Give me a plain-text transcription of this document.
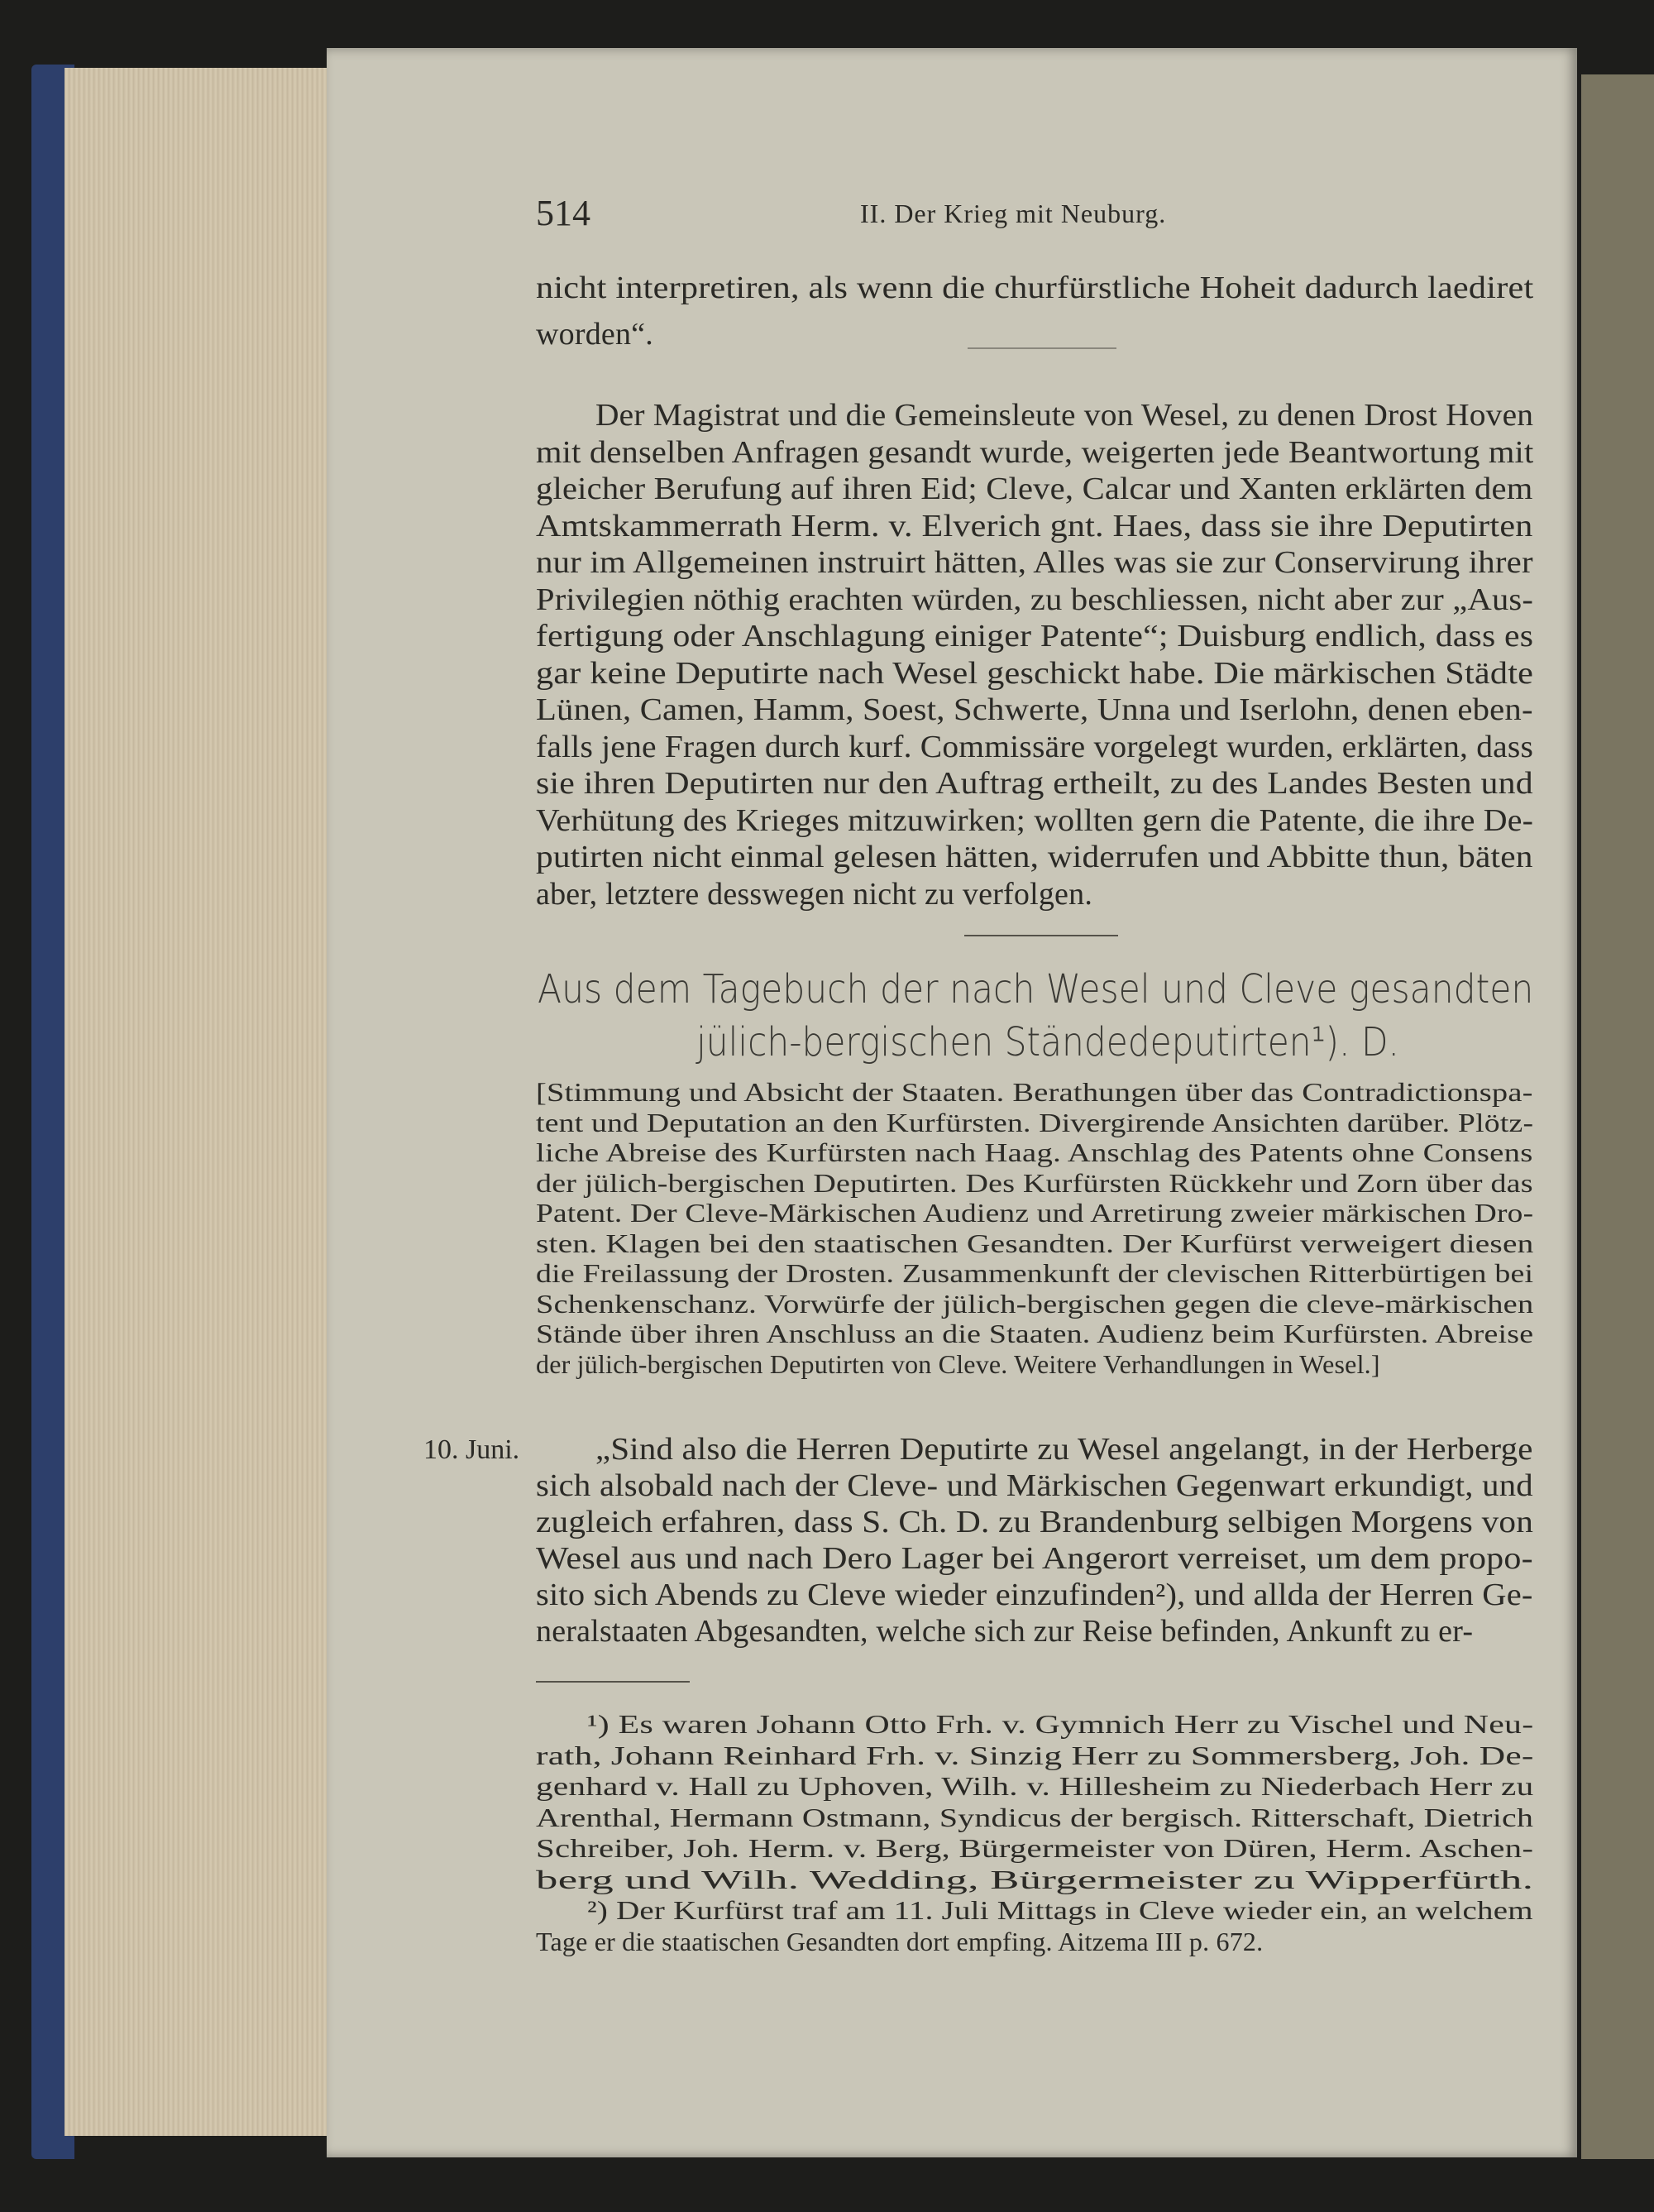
514	II. Der Krieg mit Neuburg.
Aus dem Tagebuch der nach Wesel und Cleve gesandten
jülich-bergischen Ständedeputirten¹). D.
10. Juni.
nicht interpretiren, als wenn die churfürstliche Hoheit dadurch laediret
worden“.
Der Magistrat und die Gemeinsleute von Wesel, zu denen Drost Hoven
mit denselben Anfragen gesandt wurde, weigerten jede Beantwortung mit
gleicher Berufung auf ihren Eid; Cleve, Calcar und Xanten erklärten dem
Amtskammerrath Herm. v. Elverich gnt. Haes, dass sie ihre Deputirten
nur im Allgemeinen instruirt hätten, Alles was sie zur Conservirung ihrer
Privilegien nöthig erachten würden, zu beschliessen, nicht aber zur „Aus-
fertigung oder Anschlagung einiger Patente“; Duisburg endlich, dass es
gar keine Deputirte nach Wesel geschickt habe. Die märkischen Städte
Lünen, Camen, Hamm, Soest, Schwerte, Unna und Iserlohn, denen eben-
falls jene Fragen durch kurf. Commissäre vorgelegt wurden, erklärten, dass
sie ihren Deputirten nur den Auftrag ertheilt, zu des Landes Besten und
Verhütung des Krieges mitzuwirken; wollten gern die Patente, die ihre De-
putirten nicht einmal gelesen hätten, widerrufen und Abbitte thun, bäten
aber, letztere desswegen nicht zu verfolgen.
[Stimmung und Absicht der Staaten. Berathungen über das Contradictionspa-
tent und Deputation an den Kurfürsten. Divergirende Ansichten darüber. Plötz-
liche Abreise des Kurfürsten nach Haag. Anschlag des Patents ohne Consens
der jülich-bergischen Deputirten. Des Kurfürsten Rückkehr und Zorn über das
Patent. Der Cleve-Märkischen Audienz und Arretirung zweier märkischen Dro-
sten. Klagen bei den staatischen Gesandten. Der Kurfürst verweigert diesen
die Freilassung der Drosten. Zusammenkunft der clevischen Ritterbürtigen bei
Schenkenschanz. Vorwürfe der jülich-bergischen gegen die cleve-märkischen
Stände über ihren Anschluss an die Staaten. Audienz beim Kurfürsten. Abreise
der jülich-bergischen Deputirten von Cleve. Weitere Verhandlungen in Wesel.]
„Sind also die Herren Deputirte zu Wesel angelangt, in der Herberge
sich alsobald nach der Cleve- und Märkischen Gegenwart erkundigt, und
zugleich erfahren, dass S. Ch. D. zu Brandenburg selbigen Morgens von
Wesel aus und nach Dero Lager bei Angerort verreiset, um dem propo-
sito sich Abends zu Cleve wieder einzufinden²), und allda der Herren Ge-
neralstaaten Abgesandten, welche sich zur Reise befinden, Ankunft zu er-
¹) Es waren Johann Otto Frh. v. Gymnich Herr zu Vischel und Neu-
rath, Johann Reinhard Frh. v. Sinzig Herr zu Sommersberg, Joh. De-
genhard v. Hall zu Uphoven, Wilh. v. Hillesheim zu Niederbach Herr zu
Arenthal, Hermann Ostmann, Syndicus der bergisch. Ritterschaft, Dietrich
Schreiber, Joh. Herm. v. Berg, Bürgermeister von Düren, Herm. Aschen-
berg und Wilh. Wedding, Bürgermeister zu Wipperfürth.
²) Der Kurfürst traf am 11. Juli Mittags in Cleve wieder ein, an welchem
Tage er die staatischen Gesandten dort empfing. Aitzema III p. 672.
